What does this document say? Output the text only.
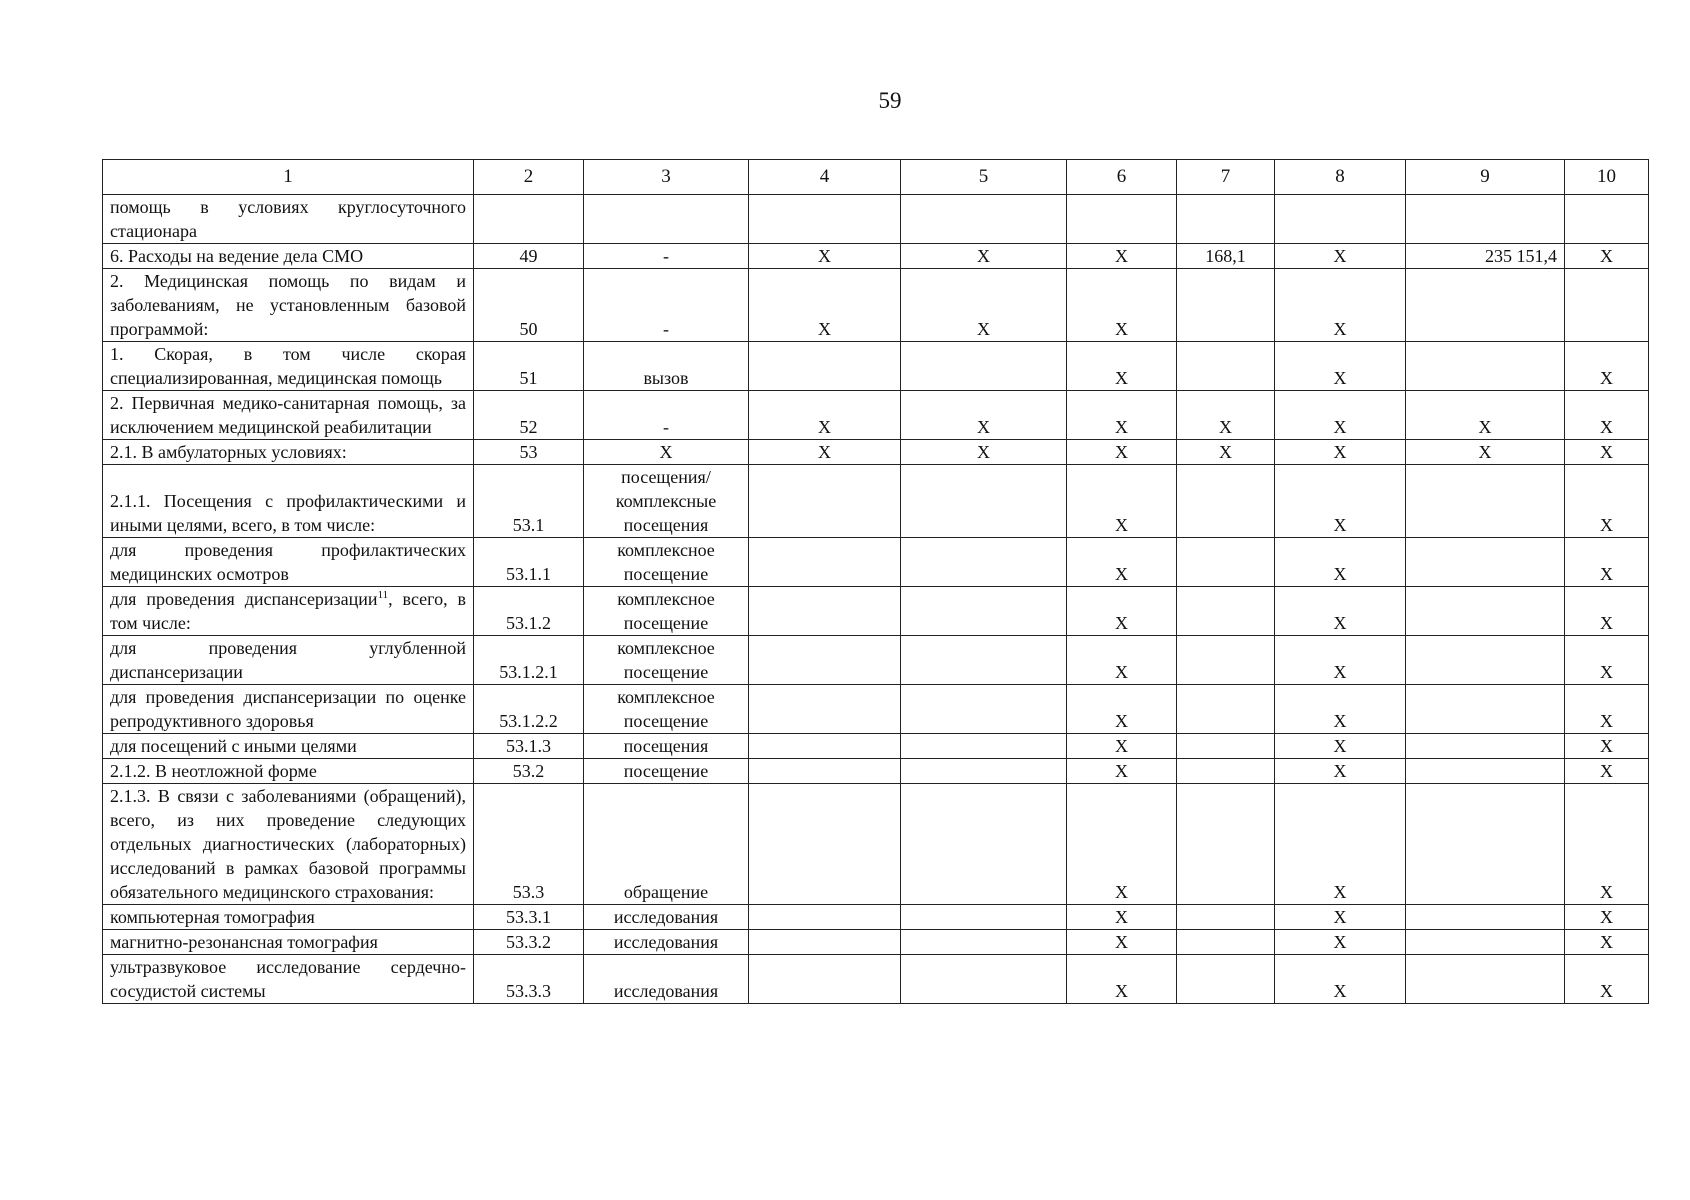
59
1	2	3	4	5	6	7	8	9	10
помощь в условиях круглосуточного стационара									
6. Расходы на ведение дела СМО	49	-	X	X	X	168,1	X	235 151,4	X
2. Медицинская помощь по видам и заболеваниям, не установленным базовой программой:	50	-	X	X	X		X		
1. Скорая, в том числе скорая специализированная, медицинская помощь	51	вызов			X		X		X
2. Первичная медико-санитарная помощь, за исключением медицинской реабилитации	52	-	X	X	X	X	X	X	X
2.1. В амбулаторных условиях:	53	X	X	X	X	X	X	X	X
2.1.1. Посещения с профилактическими и иными целями, всего, в том числе:	53.1	посещения/ комплексные посещения			X		X		X
для проведения профилактических медицинских осмотров	53.1.1	комплексное посещение			X		X		X
для проведения диспансеризации$^{11}$, всего, в том числе:	53.1.2	комплексное посещение			X		X		X
для проведения углубленной диспансеризации	53.1.2.1	комплексное посещение			X		X		X
для проведения диспансеризации по оценке репродуктивного здоровья	53.1.2.2	комплексное посещение			X		X		X
для посещений с иными целями	53.1.3	посещения			X		X		X
2.1.2. В неотложной форме	53.2	посещение			X		X		X
2.1.3. В связи с заболеваниями (обращений), всего, из них проведение следующих отдельных диагностических (лабораторных) исследований в рамках базовой программы обязательного медицинского страхования:	53.3	обращение			X		X		X
компьютерная томография	53.3.1	исследования			X		X		X
магнитно-резонансная томография	53.3.2	исследования			X		X		X
ультразвуковое исследование сердечно-сосудистой системы	53.3.3	исследования			X		X		X
